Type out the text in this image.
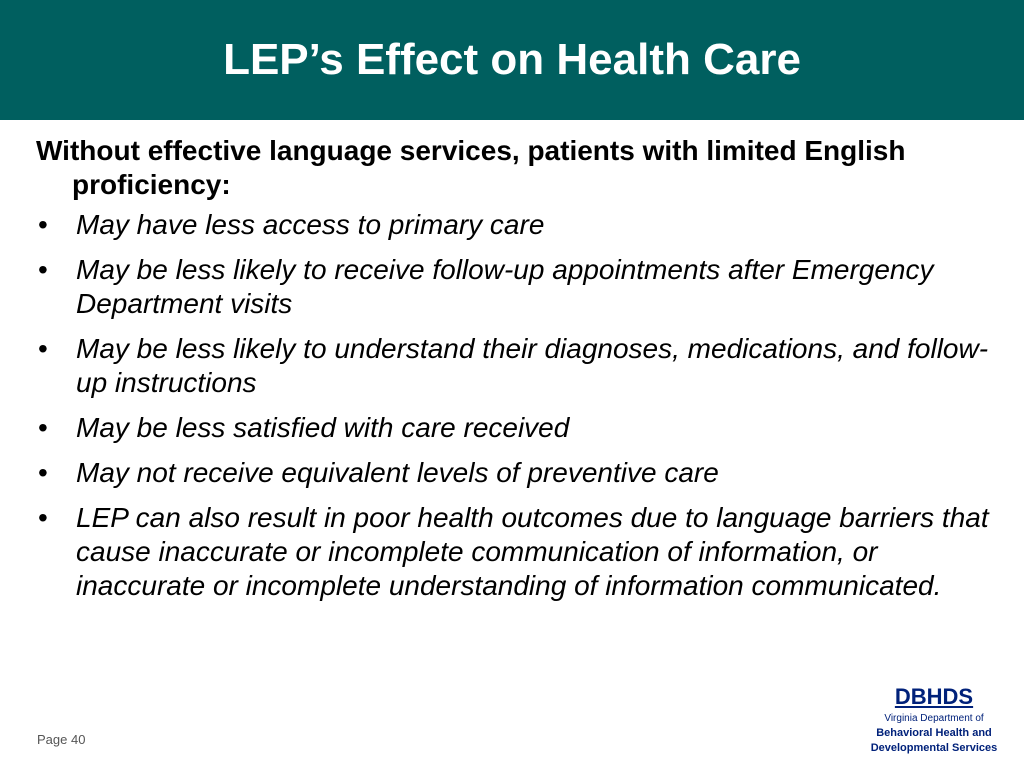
LEP’s Effect on Health Care

Without effective language services, patients with limited English proficiency:

• May have less access to primary care
• May be less likely to receive follow-up appointments after Emergency Department visits
• May be less likely to understand their diagnoses, medications, and follow-up instructions
• May be less satisfied with care received
• May not receive equivalent levels of preventive care
• LEP can also result in poor health outcomes due to language barriers that cause inaccurate or incomplete communication of information, or inaccurate or incomplete understanding of information communicated.
Page 40
DBHDS
Virginia Department of
Behavioral Health and
Developmental Services
